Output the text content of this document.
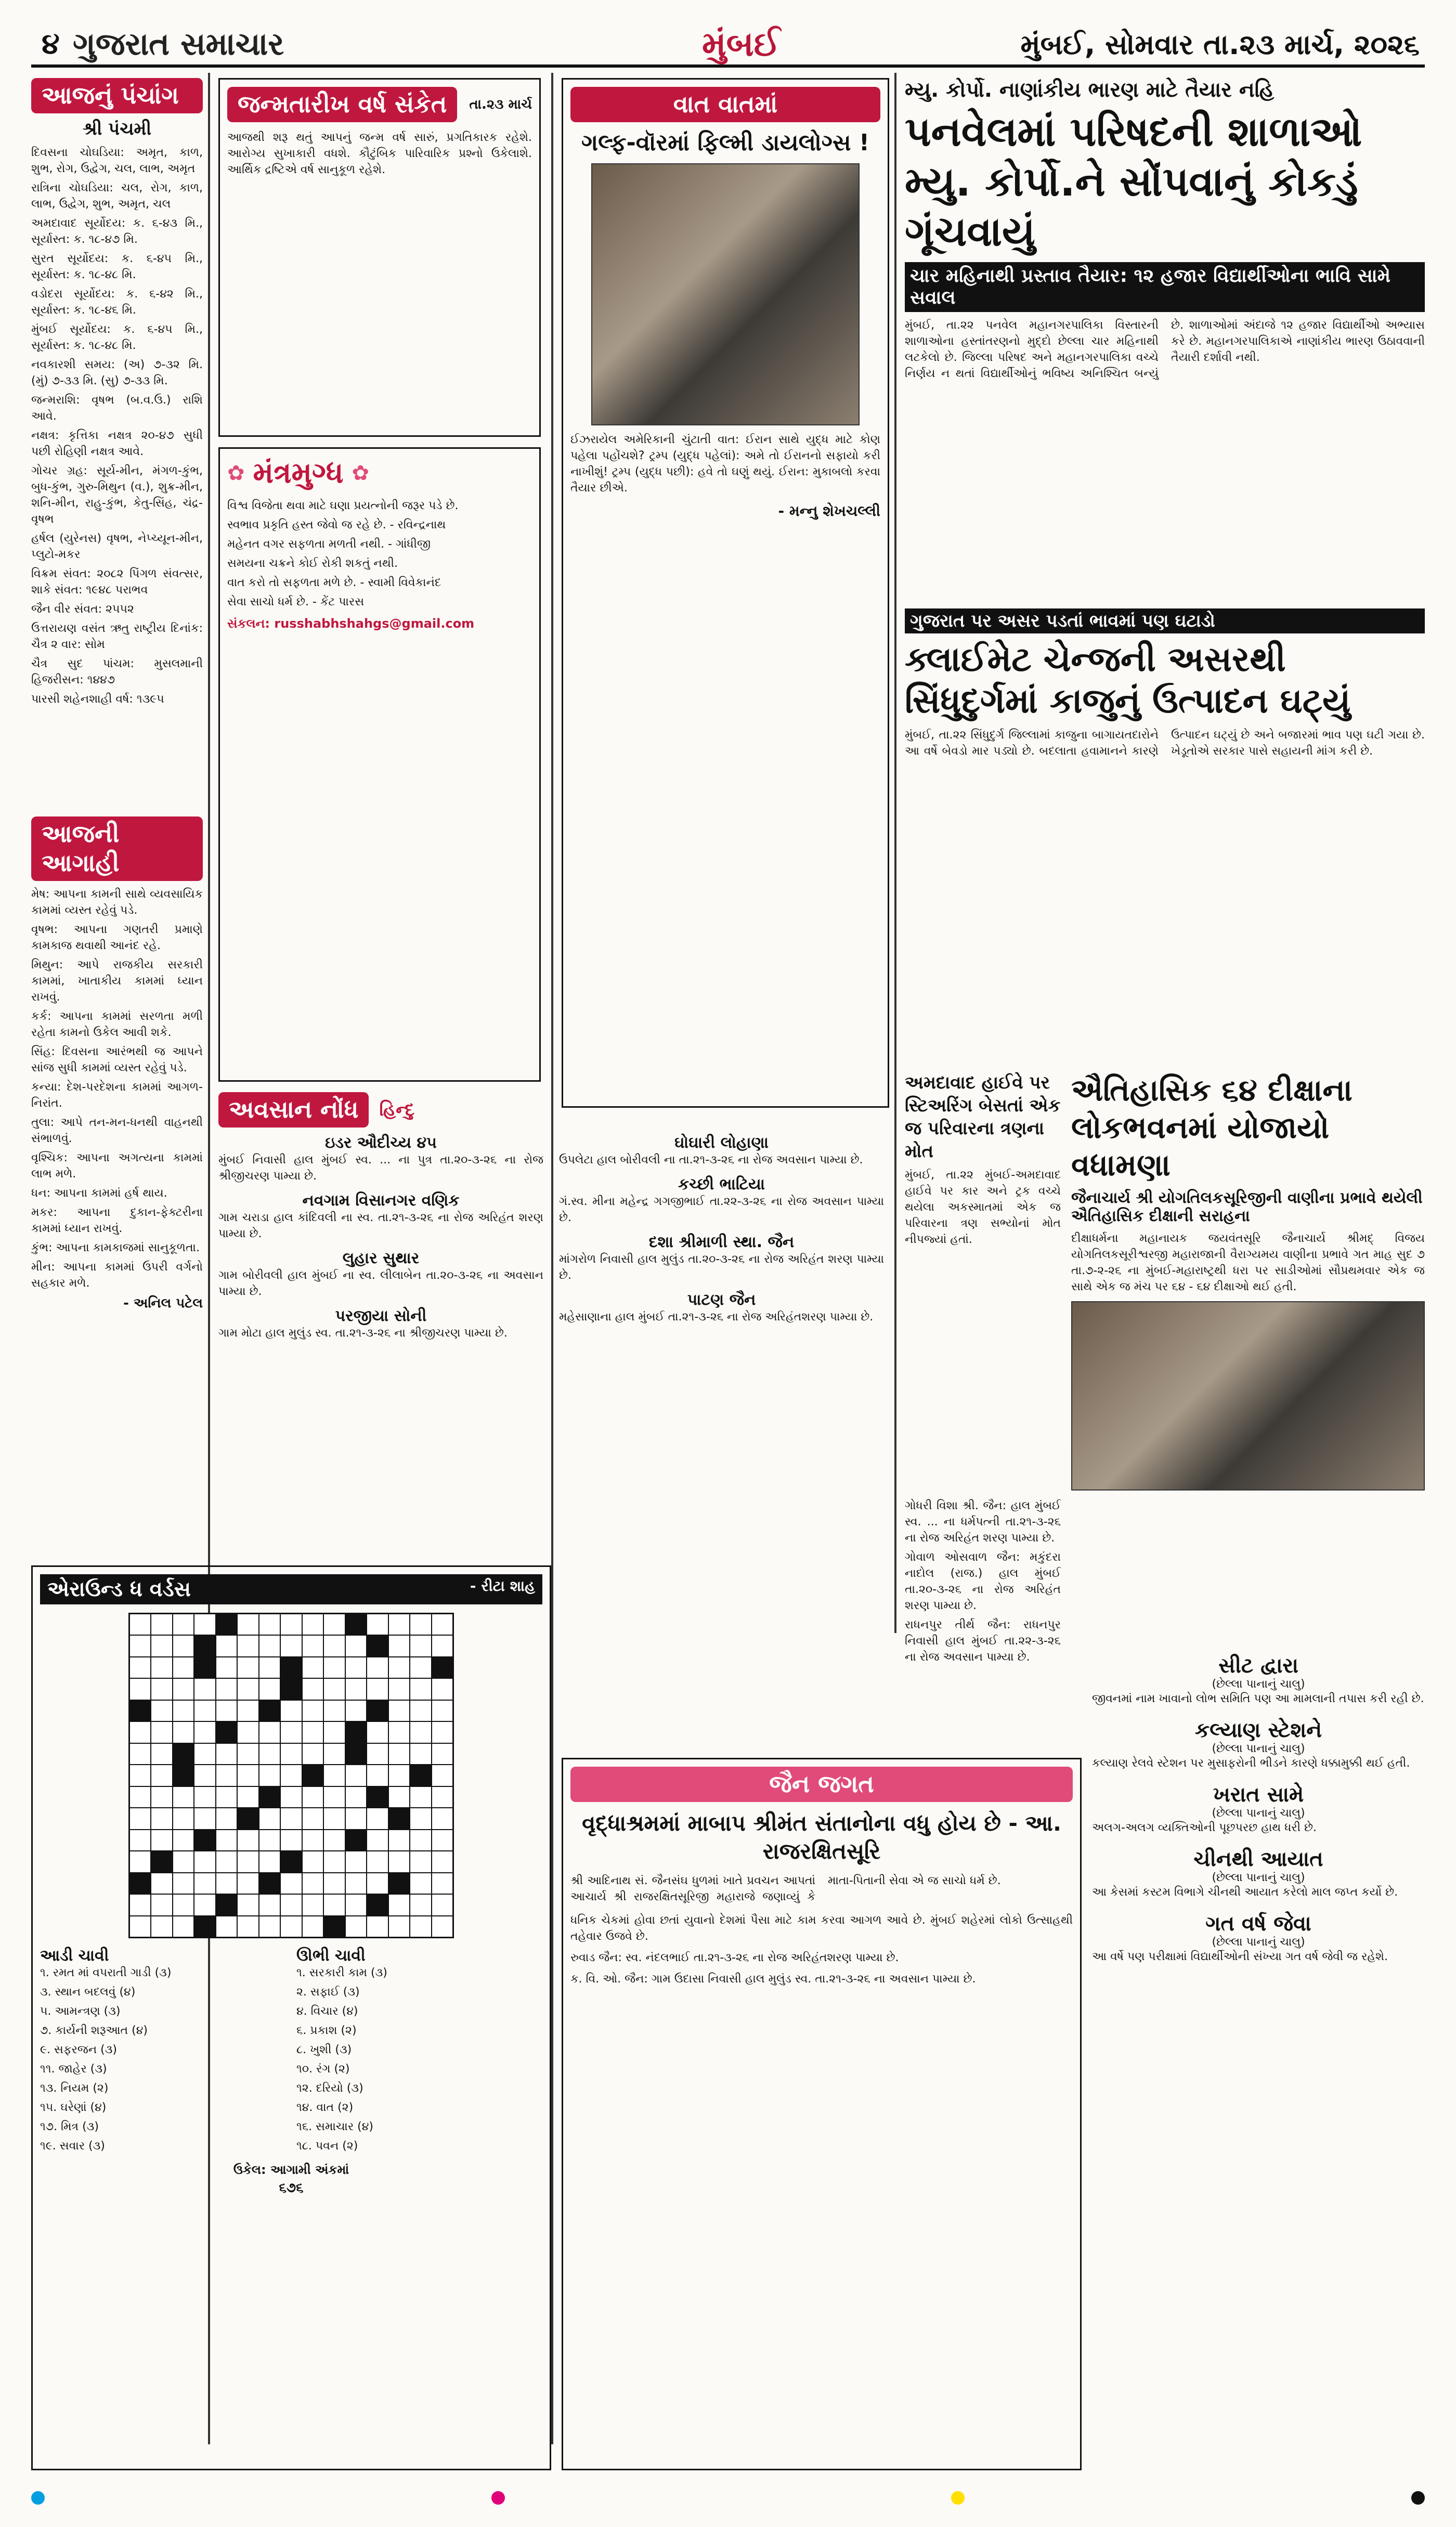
૪ ગુજરાત સમાચાર	મુંબઈ	મુંબઈ, સોમવાર તા.૨૩ માર્ચ, ૨૦૨૬
આજનું પંચાંગ
શ્રી પંચમી

દિવસના ચોઘડિયા: અમૃત, કાળ, શુભ, રોગ, ઉદ્વેગ, ચલ, લાભ, અમૃત

રાત્રિના ચોઘડિયા: ચલ, રોગ, કાળ, લાભ, ઉદ્વેગ, શુભ, અમૃત, ચલ

અમદાવાદ સૂર્યોદય: ક. ૬-૪૩ મિ., સૂર્યાસ્ત: ક. ૧૮-૪૭ મિ.

સુરત સૂર્યોદય: ક. ૬-૪૫ મિ., સૂર્યાસ્ત: ક. ૧૮-૪૮ મિ.

વડોદરા સૂર્યોદય: ક. ૬-૪૨ મિ., સૂર્યાસ્ત: ક. ૧૮-૪૬ મિ.

મુંબઈ સૂર્યોદય: ક. ૬-૪૫ મિ., સૂર્યાસ્ત: ક. ૧૮-૪૮ મિ.

નવકારશી સમય: (અ) ૭-૩૨ મિ. (મું) ૭-૩૩ મિ. (સુ) ૭-૩૩ મિ.

જન્મરાશિ: વૃષભ (બ.વ.ઉ.) રાશિ આવે.

નક્ષત્ર: કૃત્તિકા નક્ષત્ર ૨૦-૪૭ સુધી પછી રોહિણી નક્ષત્ર આવે.

ગોચર ગ્રહ: સૂર્ય-મીન, મંગળ-કુંભ, બુધ-કુંભ, ગુરુ-મિથુન (વ.), શુક્ર-મીન, શનિ-મીન, રાહુ-કુંભ, કેતુ-સિંહ, ચંદ્ર-વૃષભ

હર્ષલ (યુરેનસ) વૃષભ, નેપ્ચ્યૂન-મીન, પ્લુટો-મકર

વિક્રમ સંવત: ૨૦૮૨ પિંગળ સંવત્સર, શાકે સંવત: ૧૯૪૮ પરાભવ

જૈન વીર સંવત: ૨૫૫૨

ઉત્તરાયણ વસંત ઋતુ રાષ્ટ્રીય દિનાંક: ચૈત્ર ૨ વાર: સોમ

ચૈત્ર સુદ પાંચમ: મુસલમાની હિજરીસન: ૧૪૪૭

પારસી શહેનશાહી વર્ષ: ૧૩૯૫

આજની આગાહી

મેષ: આપના કામની સાથે વ્યવસાયિક કામમાં વ્યસ્ત રહેવું પડે.

વૃષભ: આપના ગણતરી પ્રમાણે કામકાજ થવાથી આનંદ રહે.

મિથુન: આપે રાજકીય સરકારી કામમાં, ખાતાકીય કામમાં ધ્યાન રાખવું.

કર્ક: આપના કામમાં સરળતા મળી રહેતા કામનો ઉકેલ આવી શકે.

સિંહ: દિવસના આરંભથી જ આપને સાંજ સુધી કામમાં વ્યસ્ત રહેવું પડે.

કન્યા: દેશ-પરદેશના કામમાં આગળ-નિરાંત.

તુલા: આપે તન-મન-ધનથી વાહનથી સંભાળવું.

વૃશ્ચિક: આપના અગત્યના કામમાં લાભ મળે.

ધન: આપના કામમાં હર્ષ થાય.

મકર: આપના દુકાન-ફેક્ટરીના કામમાં ધ્યાન રાખવું.

કુંભ: આપના કામકાજમાં સાનુકૂળતા.

મીન: આપના કામમાં ઉપરી વર્ગનો સહકાર મળે.

- અનિલ પટેલ
જન્મતારીખ વર્ષ સંકેત	તા.૨૩ માર્ચ
આજથી શરૂ થતું આપનું જન્મ વર્ષ સારું, પ્રગતિકારક રહેશે. આરોગ્ય સુખાકારી વધશે. કૌટુંબિક પારિવારિક પ્રશ્નો ઉકેલાશે. આર્થિક દ્રષ્ટિએ વર્ષ સાનુકૂળ રહેશે.
✿ મંત્રમુગ્ધ ✿

વિશ્વ વિજેતા થવા માટે ઘણા પ્રયત્નોની જરૂર પડે છે.

સ્વભાવ પ્રકૃતિ હસ્ત જેવો જ રહે છે. - રવિન્દ્રનાથ

મહેનત વગર સફળતા મળતી નથી. - ગાંધીજી

સમયના ચક્રને કોઈ રોકી શકતું નથી.

વાત કરો તો સફળતા મળે છે. - સ્વામી વિવેકાનંદ

સેવા સાચો ધર્મ છે. - કેંટ પારસ

સંકલન: russhabhshahgs@gmail.com
વાત વાતમાં
ગલ્ફ-વૉરમાં ફિલ્મી ડાયલોગ્સ !
ઈઝરાયેલ અમેરિકાની ચુંટાતી વાત: ઈરાન સાથે યુદ્ધ માટે કોણ પહેલા પહોંચશે? ટ્રમ્પ (યુદ્ધ પહેલાં): અમે તો ઈરાનનો સફાયો કરી નાખીશું! ટ્રમ્પ (યુદ્ધ પછી): હવે તો ઘણું થયું. ઈરાન: મુકાબલો કરવા તૈયાર છીએ.
- મન્નુ શેખચલ્લી
મ્યુ. કોર્પો. નાણાંકીય ભારણ માટે તૈયાર નહિ
પનવેલમાં પરિષદની શાળાઓ મ્યુ. કોર્પો.ને સોંપવાનું કોકડું ગૂંચવાયું
ચાર મહિનાથી પ્રસ્તાવ તૈયાર: ૧૨ હજાર વિદ્યાર્થીઓના ભાવિ સામે સવાલ
મુંબઈ, તા.૨૨ પનવેલ મહાનગરપાલિકા વિસ્તારની શાળાઓના હસ્તાંતરણનો મુદ્દો છેલ્લા ચાર મહિનાથી લટકેલો છે. જિલ્લા પરિષદ અને મહાનગરપાલિકા વચ્ચે નિર્ણય ન થતાં વિદ્યાર્થીઓનું ભવિષ્ય અનિશ્ચિત બન્યું છે. શાળાઓમાં અંદાજે ૧૨ હજાર વિદ્યાર્થીઓ અભ્યાસ કરે છે. મહાનગરપાલિકાએ નાણાંકીય ભારણ ઉઠાવવાની તૈયારી દર્શાવી નથી.
ગુજરાત પર અસર પડતાં ભાવમાં પણ ઘટાડો
ક્લાઈમેટ ચેન્જની અસરથી સિંધુદુર્ગમાં કાજુનું ઉત્પાદન ઘટ્યું
મુંબઈ, તા.૨૨ સિંધુદુર્ગ જિલ્લામાં કાજુના બાગાયતદારોને આ વર્ષે બેવડો માર પડ્યો છે. બદલાતા હવામાનને કારણે ઉત્પાદન ઘટ્યું છે અને બજારમાં ભાવ પણ ઘટી ગયા છે. ખેડૂતોએ સરકાર પાસે સહાયની માંગ કરી છે.
ઐતિહાસિક ૬૪ દીક્ષાના લોકભવનમાં યોજાયો વધામણા
જૈનાચાર્ય શ્રી યોગતિલકસૂરિજીની વાણીના પ્રભાવે થયેલી ઐતિહાસિક દીક્ષાની સરાહના
દીક્ષાધર્મના મહાનાયક જયવંતસૂરિ જૈનાચાર્ય શ્રીમદ્ વિજય યોગતિલકસૂરીશ્વરજી મહારાજાની વૈરાગ્યમય વાણીના પ્રભાવે ગત માહ સુદ ૭ તા.૭-૨-૨૬ ના મુંબઈ-મહારાષ્ટ્રથી ધરા પર સાડીઓમાં સૌપ્રથમવાર એક જ સાથે એક જ મંચ પર ૬૪ - ૬૪ દીક્ષાઓ થઈ હતી.
અમદાવાદ હાઈવે પર સ્ટિઅરિંગ બેસતાં એક જ પરિવારના ત્રણના મોત
મુંબઈ, તા.૨૨ મુંબઈ-અમદાવાદ હાઈવે પર કાર અને ટ્રક વચ્ચે થયેલા અકસ્માતમાં એક જ પરિવારના ત્રણ સભ્યોનાં મોત નીપજ્યાં હતાં.
અવસાન નોંધ	હિન્દુ
ઇડર ઔદીચ્ય ૪૫
મુંબઈ નિવાસી હાલ મુંબઈ સ્વ. ... ના પુત્ર તા.૨૦-૩-૨૬ ના રોજ શ્રીજીચરણ પામ્યા છે.
નવગામ વિસાનગર વણિક
ગામ ચરાડા હાલ કાંદિવલી ના સ્વ. તા.૨૧-૩-૨૬ ના રોજ અરિહંત શરણ પામ્યા છે.
લુહાર સુથાર
ગામ બોરીવલી હાલ મુંબઈ ના સ્વ. લીલાબેન તા.૨૦-૩-૨૬ ના અવસાન પામ્યા છે.
પરજીયા સોની
ગામ મોટા હાલ મુલુંડ સ્વ. તા.૨૧-૩-૨૬ ના શ્રીજીચરણ પામ્યા છે.
ઘોઘારી લોહાણા
ઉપલેટા હાલ બોરીવલી ના તા.૨૧-૩-૨૬ ના રોજ અવસાન પામ્યા છે.
કચ્છી ભાટિયા
ગં.સ્વ. મીના મહેન્દ્ર ગગજીભાઈ તા.૨૨-૩-૨૬ ના રોજ અવસાન પામ્યા છે.
દશા શ્રીમાળી સ્થા. જૈન
માંગરોળ નિવાસી હાલ મુલુંડ તા.૨૦-૩-૨૬ ના રોજ અરિહંત શરણ પામ્યા છે.
પાટણ જૈન
મહેસાણાના હાલ મુંબઈ તા.૨૧-૩-૨૬ ના રોજ અરિહંતશરણ પામ્યા છે.

ગોધરી વિશા શ્રી. જૈન: હાલ મુંબઈ સ્વ. ... ના ધર્મપત્ની તા.૨૧-૩-૨૬ ના રોજ અરિહંત શરણ પામ્યા છે.

ગોવાળ ઓસવાળ જૈન: મકુંદરા નાદોલ (રાજ.) હાલ મુંબઈ તા.૨૦-૩-૨૬ ના રોજ અરિહંત શરણ પામ્યા છે.

રાધનપુર તીર્થ જૈન: રાધનપુર નિવાસી હાલ મુંબઈ તા.૨૨-૩-૨૬ ના રોજ અવસાન પામ્યા છે.

એરાઉન્ડ ધ વર્ડસ	- રીટા શાહ
આડી ચાવી

૧. રમત માં વપરાતી ગાડી (૩)

૩. સ્થાન બદલવું (૪)

૫. આમન્ત્રણ (૩)

૭. કાર્યની શરૂઆત (૪)

૯. સફરજન (૩)

૧૧. જાહેર (૩)

૧૩. નિયમ (૨)

૧૫. ઘરેણાં (૪)

૧૭. મિત્ર (૩)

૧૯. સવાર (૩)

ઊભી ચાવી

૧. સરકારી કામ (૩)

૨. સફાઈ (૩)

૪. વિચાર (૪)

૬. પ્રકાશ (૨)

૮. ખુશી (૩)

૧૦. રંગ (૨)

૧૨. દરિયો (૩)

૧૪. વાત (૨)

૧૬. સમાચાર (૪)

૧૮. પવન (૨)

ઉકેલ: આગામી અંકમાં
૬૭૬
જૈન જગત
વૃદ્ધાશ્રમમાં માબાપ શ્રીમંત સંતાનોના વધુ હોય છે - આ. રાજરક્ષિતસૂરિ
શ્રી આદિનાથ સં. જૈનસંઘ ધુળમાં ખાતે પ્રવચન આપતાં આચાર્ય શ્રી રાજરક્ષિતસૂરિજી મહારાજે જણાવ્યું કે માતા-પિતાની સેવા એ જ સાચો ધર્મ છે.
ધનિક ચેકમાં હોવા છતાં યુવાનો દેશમાં પૈસા માટે કામ કરવા આગળ આવે છે. મુંબઈ શહેરમાં લોકો ઉત્સાહથી તહેવાર ઉજવે છે.
રુવાડ જૈન: સ્વ. નંદલભાઈ તા.૨૧-૩-૨૬ ના રોજ અરિહંતશરણ પામ્યા છે.
ક. વિ. ઓ. જૈન: ગામ ઉદાસા નિવાસી હાલ મુલુંડ સ્વ. તા.૨૧-૩-૨૬ ના અવસાન પામ્યા છે.
સીટ દ્વારા
(છેલ્લા પાનાનું ચાલુ)
જીવનમાં નામ ખાવાનો લોભ સમિતિ પણ આ મામલાની તપાસ કરી રહી છે.
કલ્યાણ સ્ટેશને
(છેલ્લા પાનાનું ચાલુ)
કલ્યાણ રેલવે સ્ટેશન પર મુસાફરોની ભીડને કારણે ધક્કામુક્કી થઈ હતી.
ખરાત સામે
(છેલ્લા પાનાનું ચાલુ)
અલગ-અલગ વ્યક્તિઓની પૂછપરછ હાથ ધરી છે.
ચીનથી આયાત
(છેલ્લા પાનાનું ચાલુ)
આ કેસમાં કસ્ટમ વિભાગે ચીનથી આયાત કરેલો માલ જપ્ત કર્યો છે.
ગત વર્ષ જેવા
(છેલ્લા પાનાનું ચાલુ)
આ વર્ષે પણ પરીક્ષામાં વિદ્યાર્થીઓની સંખ્યા ગત વર્ષ જેવી જ રહેશે.
